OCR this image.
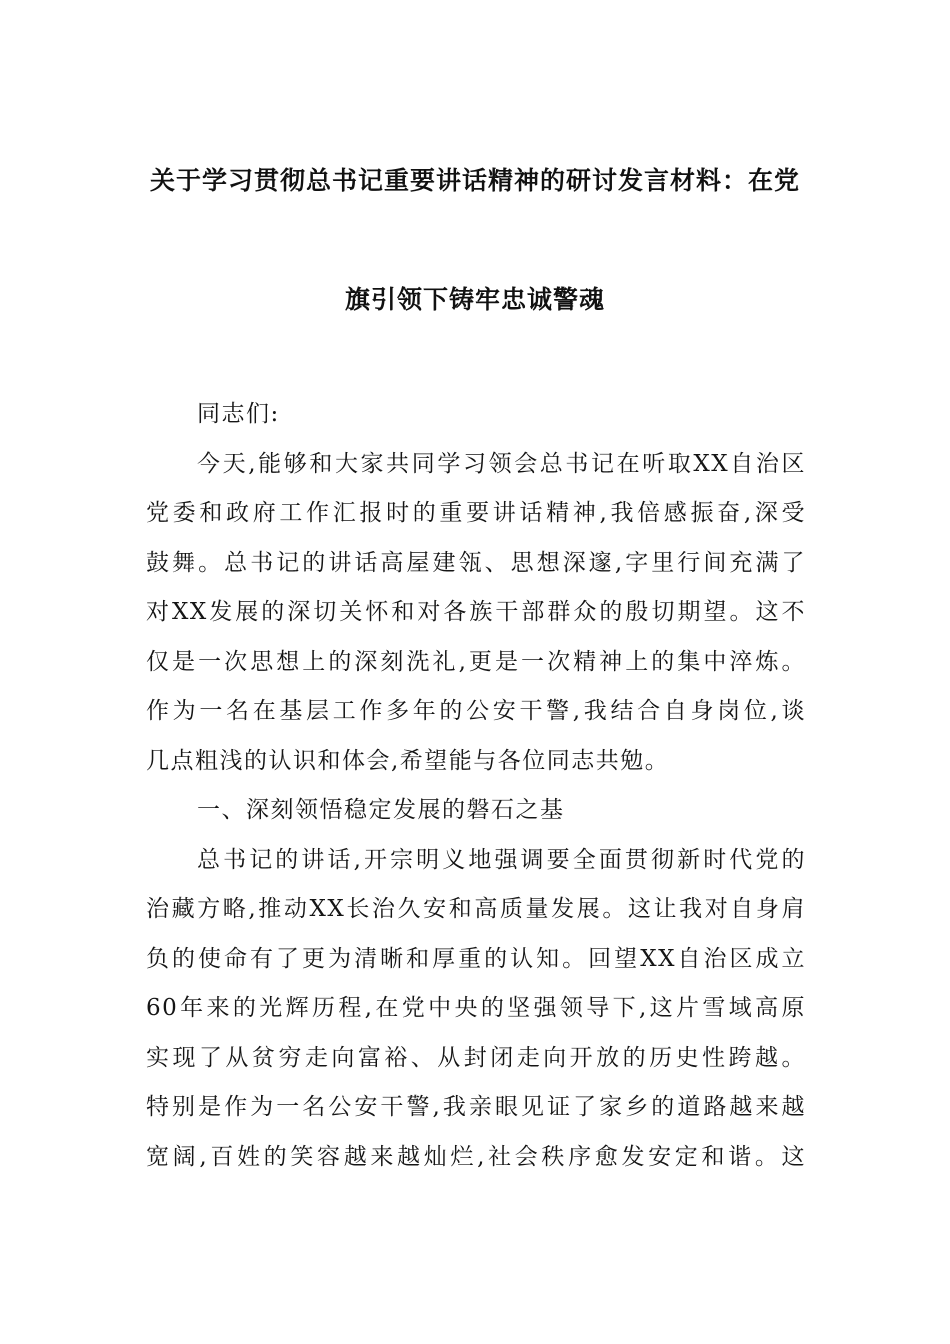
关于学习贯彻总书记重要讲话精神的研讨发言材料：在党
旗引领下铸牢忠诚警魂
同志们:
今天,能够和大家共同学习领会总书记在听取XX自治区
党委和政府工作汇报时的重要讲话精神,我倍感振奋,深受
鼓舞。总书记的讲话高屋建瓴、思想深邃,字里行间充满了
对XX发展的深切关怀和对各族干部群众的殷切期望。这不
仅是一次思想上的深刻洗礼,更是一次精神上的集中淬炼。
作为一名在基层工作多年的公安干警,我结合自身岗位,谈
几点粗浅的认识和体会,希望能与各位同志共勉。
一、深刻领悟稳定发展的磐石之基
总书记的讲话,开宗明义地强调要全面贯彻新时代党的
治藏方略,推动XX长治久安和高质量发展。这让我对自身肩
负的使命有了更为清晰和厚重的认知。回望XX自治区成立
60年来的光辉历程,在党中央的坚强领导下,这片雪域高原
实现了从贫穷走向富裕、从封闭走向开放的历史性跨越。
特别是作为一名公安干警,我亲眼见证了家乡的道路越来越
宽阔,百姓的笑容越来越灿烂,社会秩序愈发安定和谐。这
